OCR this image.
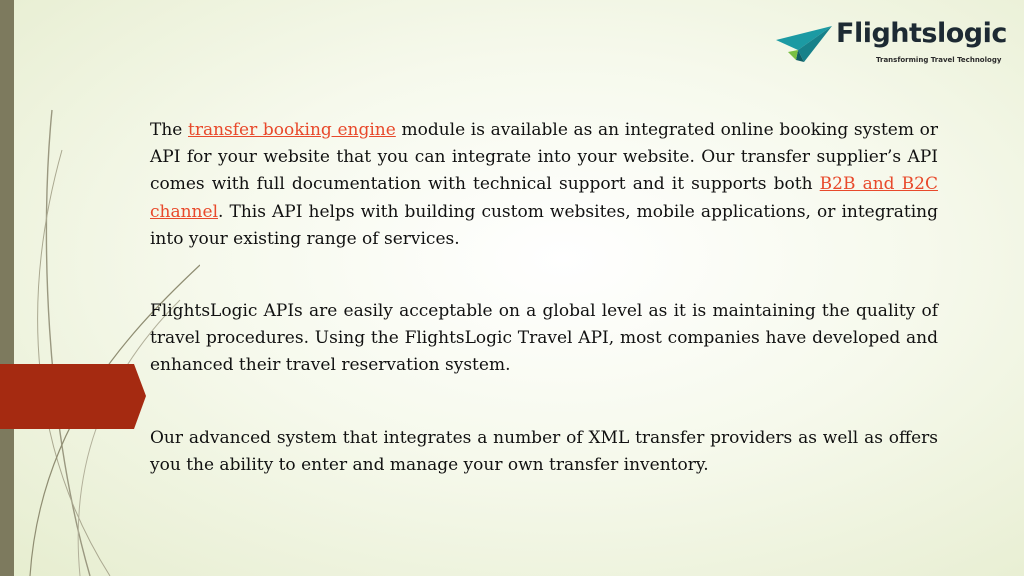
Flightslogic
Transforming Travel Technology

The transfer booking engine module is available as an integrated online booking system or API for your website that you can integrate into your website. Our transfer supplier’s API comes with full documentation with technical support and it supports both B2B and B2C channel. This API helps with building custom websites, mobile applications, or integrating into your existing range of services.

FlightsLogic APIs are easily acceptable on a global level as it is maintaining the quality of travel procedures. Using the FlightsLogic Travel API, most companies have developed and enhanced their travel reservation system.

Our advanced system that integrates a number of XML transfer providers as well as offers you the ability to enter and manage your own transfer inventory.
